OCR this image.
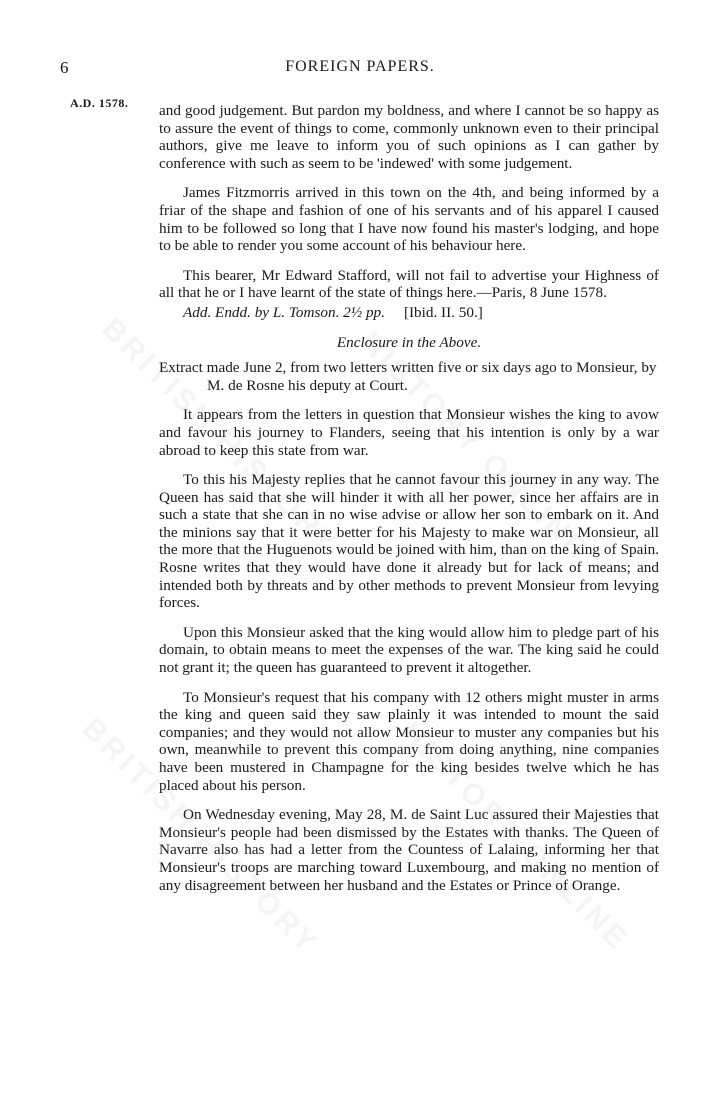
6	FOREIGN PAPERS.
A.D. 1578. and good judgement. But pardon my boldness, and where I cannot be so happy as to assure the event of things to come, commonly unknown even to their principal authors, give me leave to inform you of such opinions as I can gather by conference with such as seem to be 'indewed' with some judgement.

James Fitzmorris arrived in this town on the 4th, and being informed by a friar of the shape and fashion of one of his servants and of his apparel I caused him to be followed so long that I have now found his master's lodging, and hope to be able to render you some account of his behaviour here.

This bearer, Mr Edward Stafford, will not fail to advertise your Highness of all that he or I have learnt of the state of things here.—Paris, 8 June 1578.

Add. Endd. by L. Tomson. 2½ pp. [Ibid. II. 50.]

Enclosure in the Above.

Extract made June 2, from two letters written five or six days ago to Monsieur, by M. de Rosne his deputy at Court.

It appears from the letters in question that Monsieur wishes the king to avow and favour his journey to Flanders, seeing that his intention is only by a war abroad to keep this state from war.

To this his Majesty replies that he cannot favour this journey in any way. The Queen has said that she will hinder it with all her power, since her affairs are in such a state that she can in no wise advise or allow her son to embark on it. And the minions say that it were better for his Majesty to make war on Monsieur, all the more that the Huguenots would be joined with him, than on the king of Spain. Rosne writes that they would have done it already but for lack of means; and intended both by threats and by other methods to prevent Monsieur from levying forces.

Upon this Monsieur asked that the king would allow him to pledge part of his domain, to obtain means to meet the expenses of the war. The king said he could not grant it; the queen has guaranteed to prevent it altogether.

To Monsieur's request that his company with 12 others might muster in arms the king and queen said they saw plainly it was intended to mount the said companies; and they would not allow Monsieur to muster any companies but his own, meanwhile to prevent this company from doing anything, nine companies have been mustered in Champagne for the king besides twelve which he has placed about his person.

On Wednesday evening, May 28, M. de Saint Luc assured their Majesties that Monsieur's people had been dismissed by the Estates with thanks. The Queen of Navarre also has had a letter from the Countess of Lalaing, informing her that Monsieur's troops are marching toward Luxembourg, and making no mention of any disagreement between her husband and the Estates or Prince of Orange.
